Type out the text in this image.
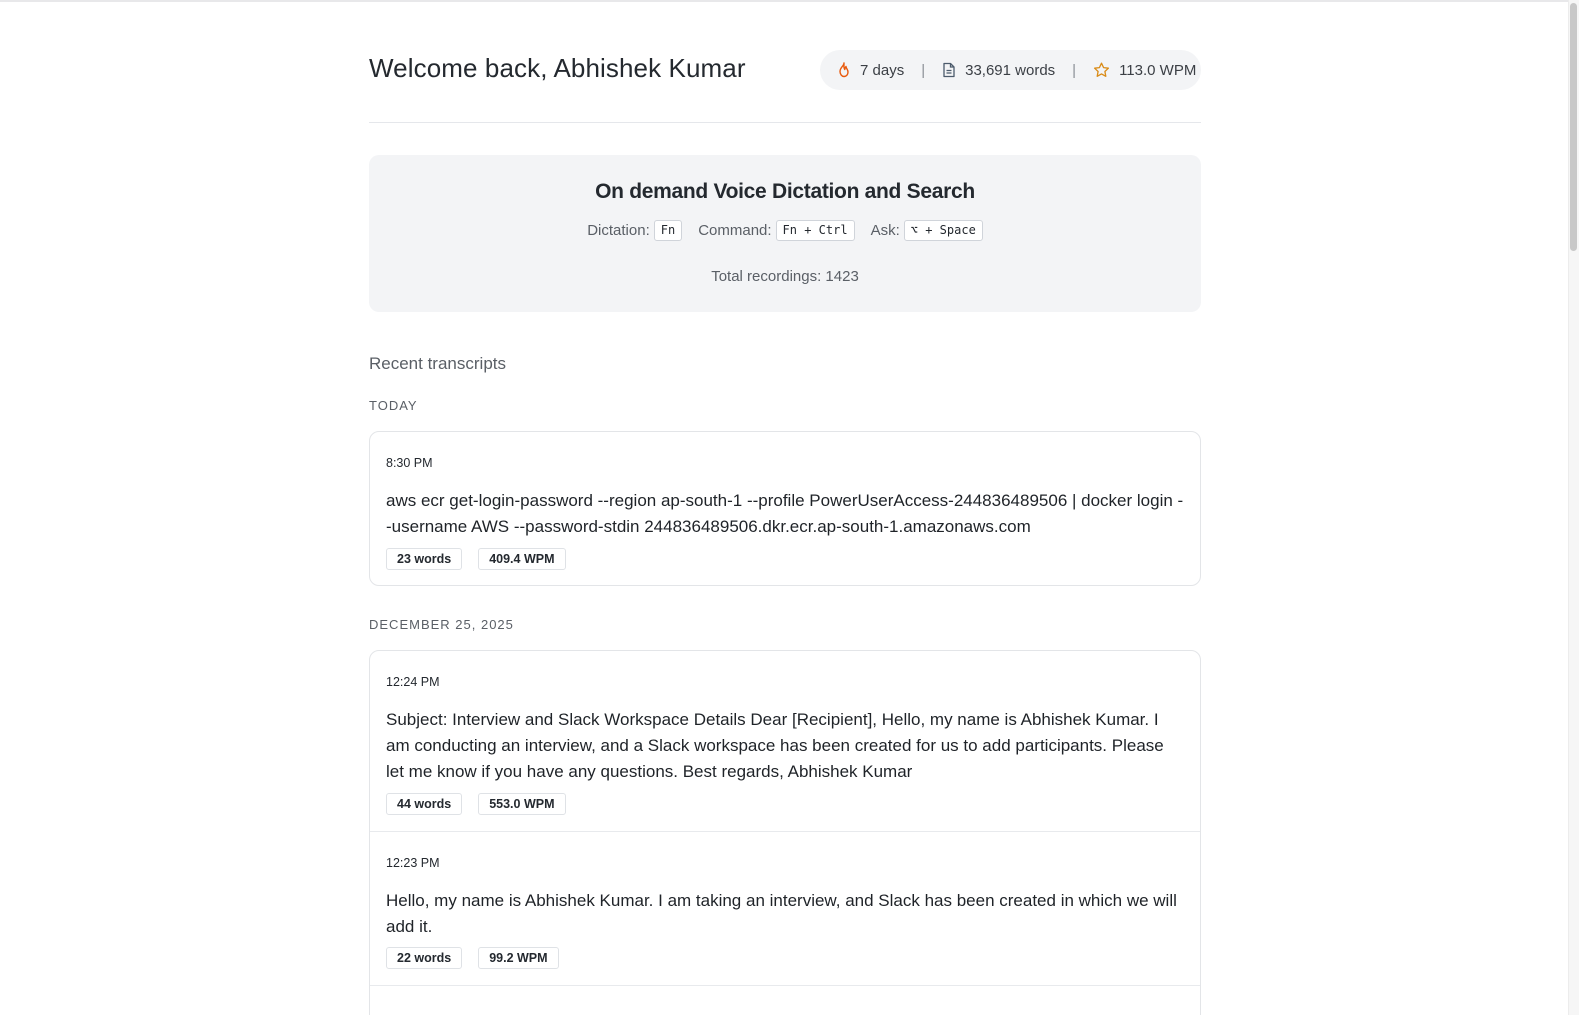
Welcome back, Abhishek Kumar	7 days |	33,691 words |	113.0 WPM
On demand Voice Dictation and Search
Dictation: Fn	Command: Fn + Ctrl	Ask: ⌥ + Space
Total recordings: 1423
Recent transcripts
TODAY
8:30 PM
aws ecr get-login-password --region ap-south-1 --profile PowerUserAccess-244836489506 | docker login --username AWS --password-stdin 244836489506.dkr.ecr.ap-south-1.amazonaws.com
23 words	409.4 WPM
DECEMBER 25, 2025
12:24 PM
Subject: Interview and Slack Workspace Details Dear [Recipient], Hello, my name is Abhishek Kumar. I am conducting an interview, and a Slack workspace has been created for us to add participants. Please let me know if you have any questions. Best regards, Abhishek Kumar
44 words	553.0 WPM
12:23 PM
Hello, my name is Abhishek Kumar. I am taking an interview, and Slack has been created in which we will add it.
22 words	99.2 WPM
